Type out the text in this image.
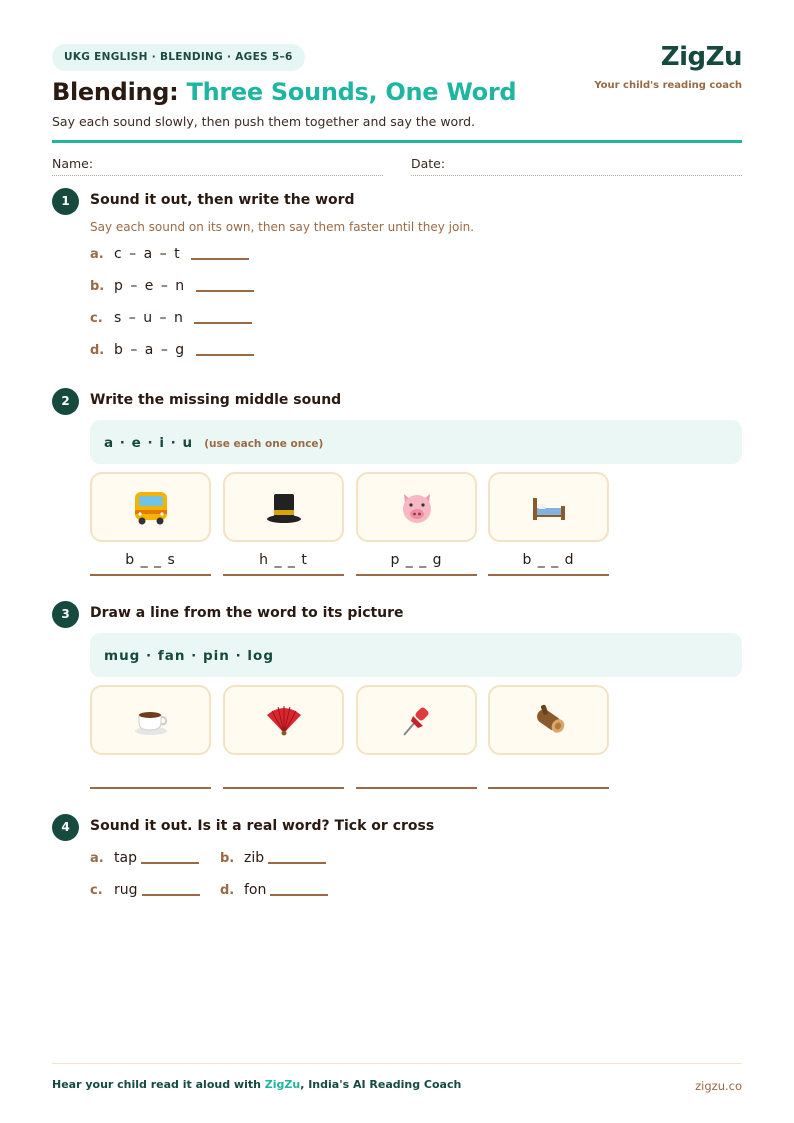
UKG ENGLISH · BLENDING · AGES 5–6
Blending: Three Sounds, One Word
Say each sound slowly, then push them together and say the word.
ZigZu
Your child's reading coach
Name:	Date:
1	Sound it out, then write the word
Say each sound on its own, then say them faster until they join.
a. c – a – t
b. p – e – n
c. s – u – n
d. b – a – g
2	Write the missing middle sound
a · e · i · u (use each one once)
b _ _ s	h _ _ t	p _ _ g	b _ _ d
3	Draw a line from the word to its picture
mug · fan · pin · log
4	Sound it out. Is it a real word? Tick or cross
a. tap	b. zib
c. rug	d. fon
Hear your child read it aloud with ZigZu, India's AI Reading Coach	zigzu.co
